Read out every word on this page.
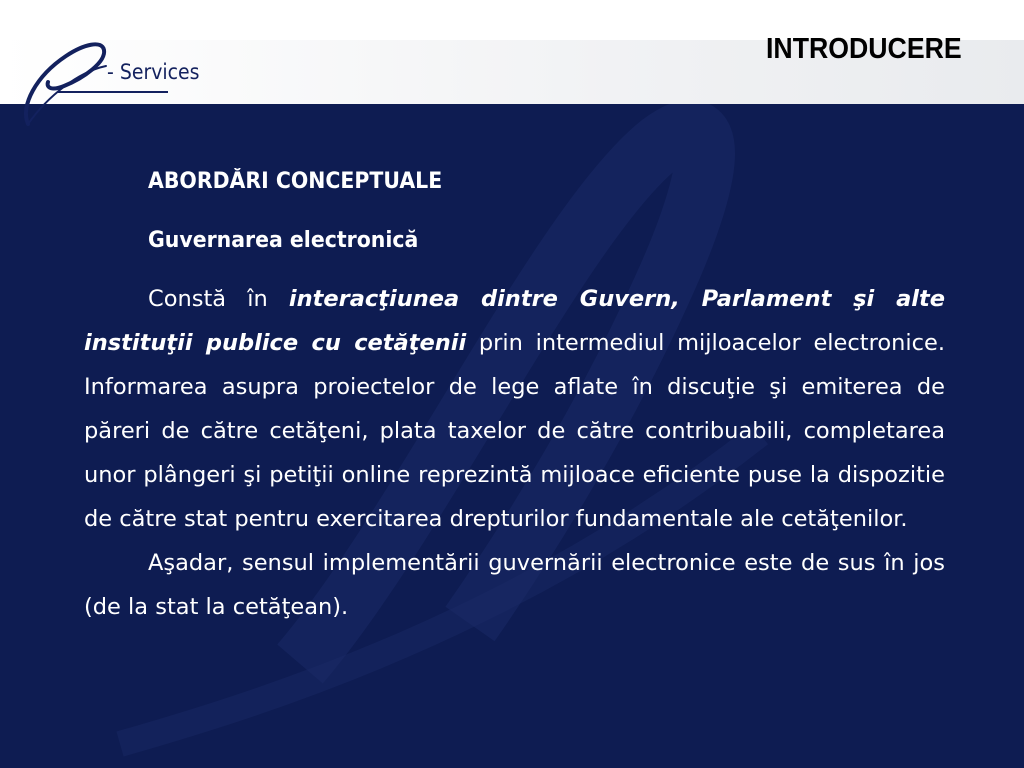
- Services
INTRODUCERE

ABORDĂRI CONCEPTUALE

Guvernarea electronică

Constă în interacţiunea dintre Guvern, Parlament şi alte instituţii publice cu cetăţenii prin intermediul mijloacelor electronice. Informarea asupra proiectelor de lege aflate în discuţie şi emiterea de păreri de către cetăţeni, plata taxelor de către contribuabili, completarea unor plângeri şi petiţii online reprezintă mijloace eficiente puse la dispozitie de către stat pentru exercitarea drepturilor fundamentale ale cetăţenilor.

Aşadar, sensul implementării guvernării electronice este de sus în jos (de la stat la cetăţean).
